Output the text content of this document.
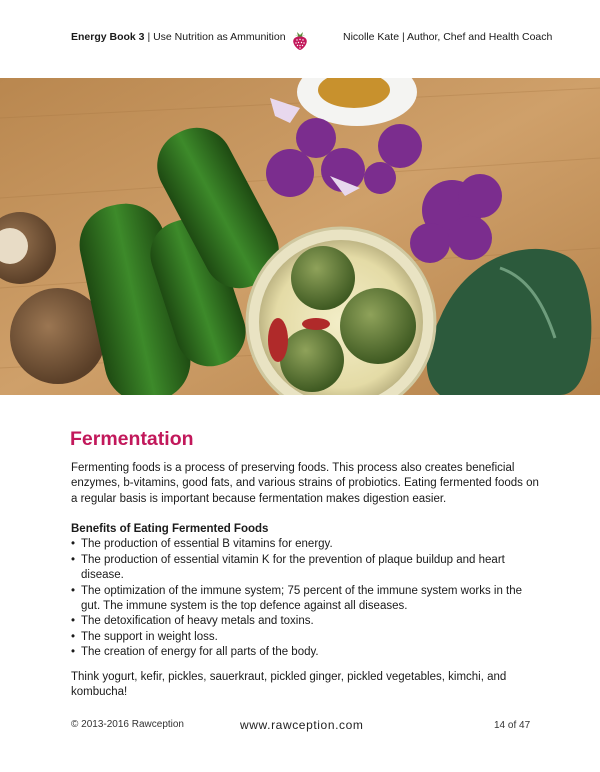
Energy Book 3 | Use Nutrition as Ammunition	Nicolle Kate | Author, Chef and Health Coach
Fermentation

Fermenting foods is a process of preserving foods. This process also creates beneficial enzymes, b-vitamins, good fats, and various strains of probiotics. Eating fermented foods on a regular basis is important because fermentation makes digestion easier.

Benefits of Eating Fermented Foods
• The production of essential B vitamins for energy.
• The production of essential vitamin K for the prevention of plaque buildup and heart disease.
• The optimization of the immune system; 75 percent of the immune system works in the gut. The immune system is the top defence against all diseases.
• The detoxification of heavy metals and toxins.
• The support in weight loss.
• The creation of energy for all parts of the body.

Think yogurt, kefir, pickles, sauerkraut, pickled ginger, pickled vegetables, kimchi, and kombucha!

© 2013-2016 Rawception	www.rawception.com	14 of 47
